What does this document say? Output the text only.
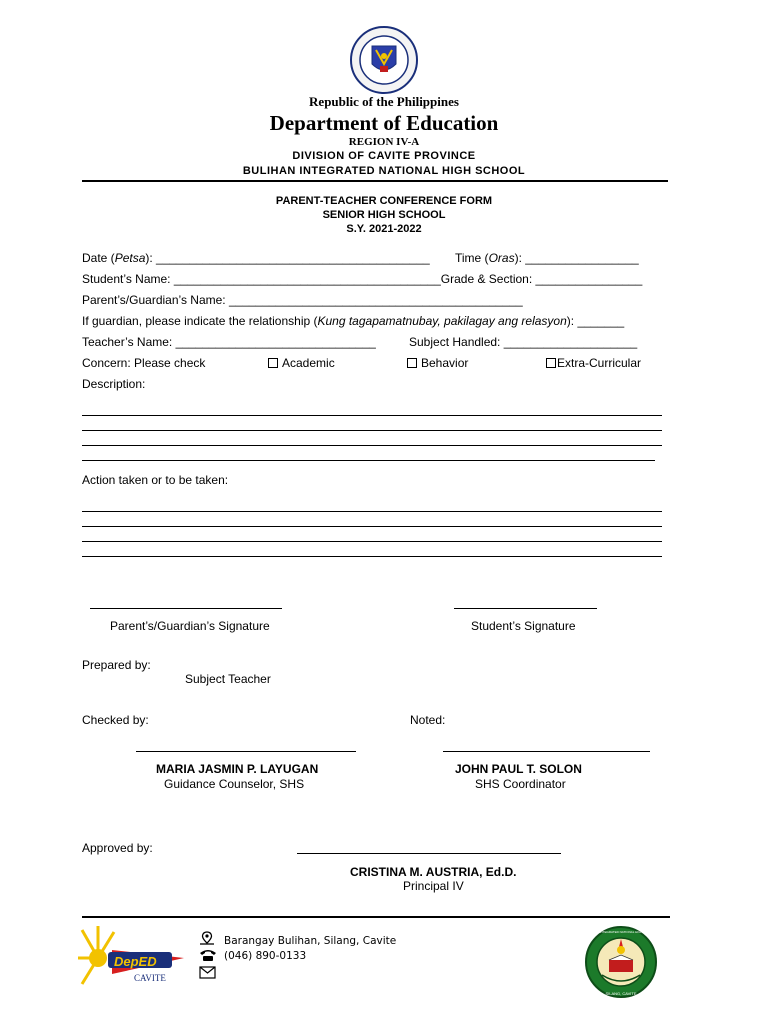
Republic of the Philippines
Department of Education
REGION IV-A
DIVISION OF CAVITE PROVINCE
BULIHAN INTEGRATED NATIONAL HIGH SCHOOL
PARENT-TEACHER CONFERENCE FORM
SENIOR HIGH SCHOOL
S.Y. 2021-2022
Date (Petsa): _________________________________________ Time (Oras): _________________
Student’s Name: ________________________________________Grade & Section: ________________
Parent’s/Guardian’s Name: ____________________________________________
If guardian, please indicate the relationship (Kung tagapamatnubay, pakilagay ang relasyon): _______
Teacher’s Name: ______________________________	Subject Handled: ____________________
Concern: Please check	Academic	Behavior	Extra-Curricular
Description:
Action taken or to be taken:
Parent’s/Guardian’s Signature	Student’s Signature
Prepared by:
Subject Teacher
Checked by:	Noted:
MARIA JASMIN P. LAYUGAN
Guidance Counselor, SHS
JOHN PAUL T. SOLON
SHS Coordinator
Approved by:
CRISTINA M. AUSTRIA, Ed.D.
Principal IV
DepED
CAVITE
Barangay Bulihan, Silang, Cavite
(046) 890-0133
BULIHAN INTEGRATED NATIONAL HIGH SCHOOL
SILANG, CAVITE
